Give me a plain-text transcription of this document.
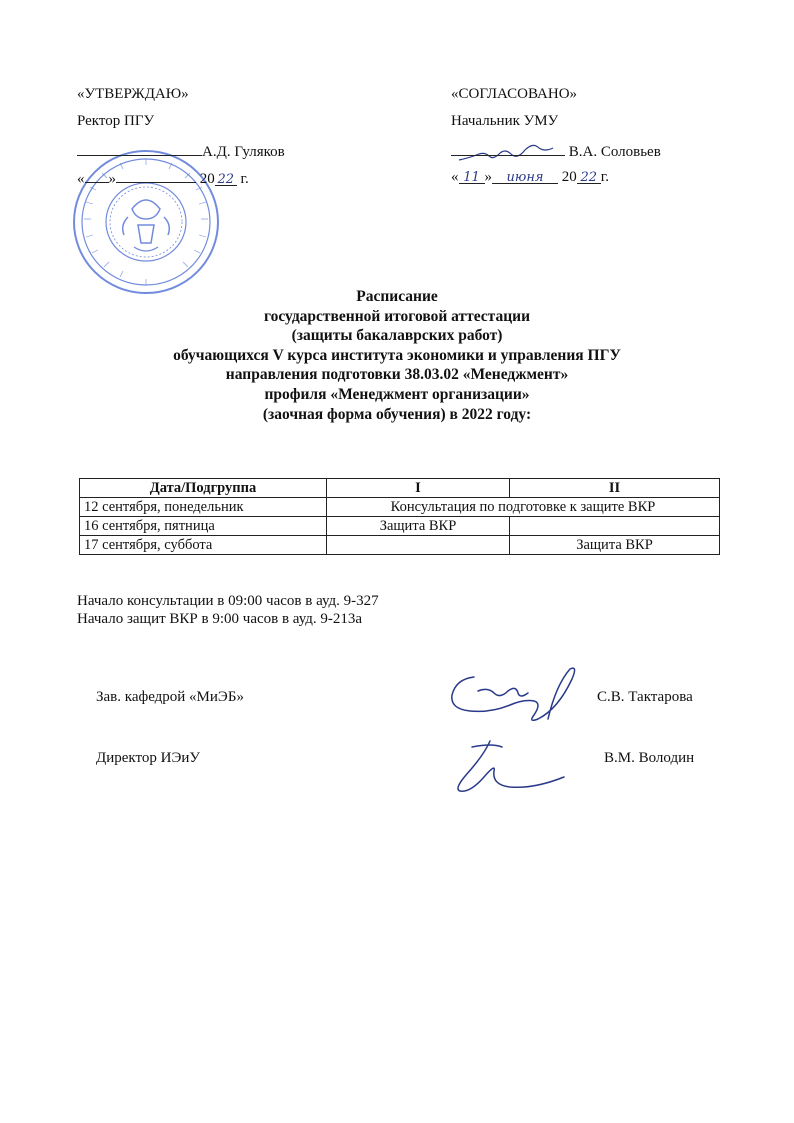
«УТВЕРЖДАЮ»
Ректор ПГУ
А.Д. Гуляков
« »	20 22 г.
«СОГЛАСОВАНО»
Начальник УМУ
В.А. Соловьев
« 11 » июня 20 22 г.
Расписание
государственной итоговой аттестации
(защиты бакалаврских работ)
обучающихся V курса института экономики и управления ПГУ
направления подготовки 38.03.02 «Менеджмент»
профиля «Менеджмент организации»
(заочная форма обучения) в 2022 году:
Дата/Подгруппа	I	II
12 сентября, понедельник	Консультация по подготовке к защите ВКР	
16 сентября, пятница	Защита ВКР	
17 сентября, суббота		Защита ВКР
Начало консультации в 09:00 часов в ауд. 9-327
Начало защит ВКР в 9:00 часов в ауд. 9-213а
Зав. кафедрой «МиЭБ»	С.В. Тактарова
Директор ИЭиУ	В.М. Володин
